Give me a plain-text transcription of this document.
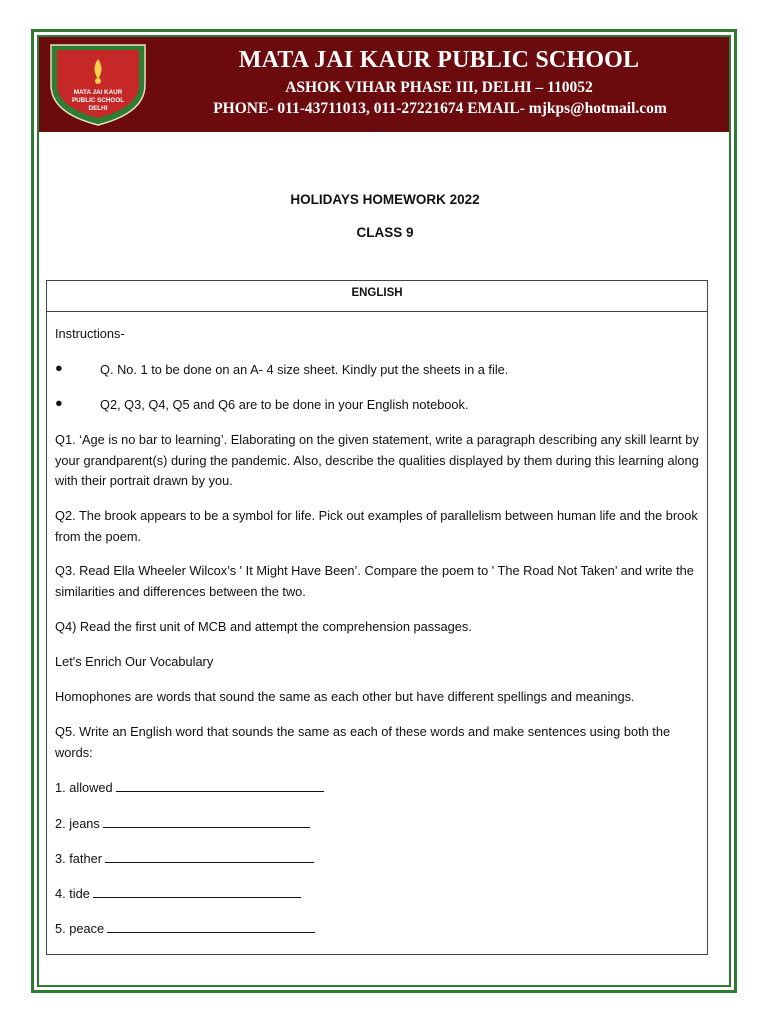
MATA JAI KAUR
PUBLIC SCHOOL
DELHI
MATA JAI KAUR PUBLIC SCHOOL
ASHOK VIHAR PHASE III, DELHI – 110052
PHONE- 011-43711013, 011-27221674 EMAIL- mjkps@hotmail.com
”
HOLIDAYS HOMEWORK 2022
CLASS 9
ENGLISH
Instructions-
●	Q. No. 1 to be done on an A- 4 size sheet. Kindly put the sheets in a file.
●	Q2, Q3, Q4, Q5 and Q6 are to be done in your English notebook.
Q1. ‘Age is no bar to learning’. Elaborating on the given statement, write a paragraph describing any skill learnt by your grandparent(s) during the pandemic. Also, describe the qualities displayed by them during this learning along with their portrait drawn by you.
Q2. The brook appears to be a symbol for life. Pick out examples of parallelism between human life and the brook from the poem.
Q3. Read Ella Wheeler Wilcox’s ' It Might Have Been’. Compare the poem to ' The Road Not Taken’ and write the similarities and differences between the two.
Q4) Read the first unit of MCB and attempt the comprehension passages.
Let's Enrich Our Vocabulary
Homophones are words that sound the same as each other but have different spellings and meanings.
Q5. Write an English word that sounds the same as each of these words and make sentences using both the words:
1. allowed
2. jeans
3. father
4. tide
5. peace
